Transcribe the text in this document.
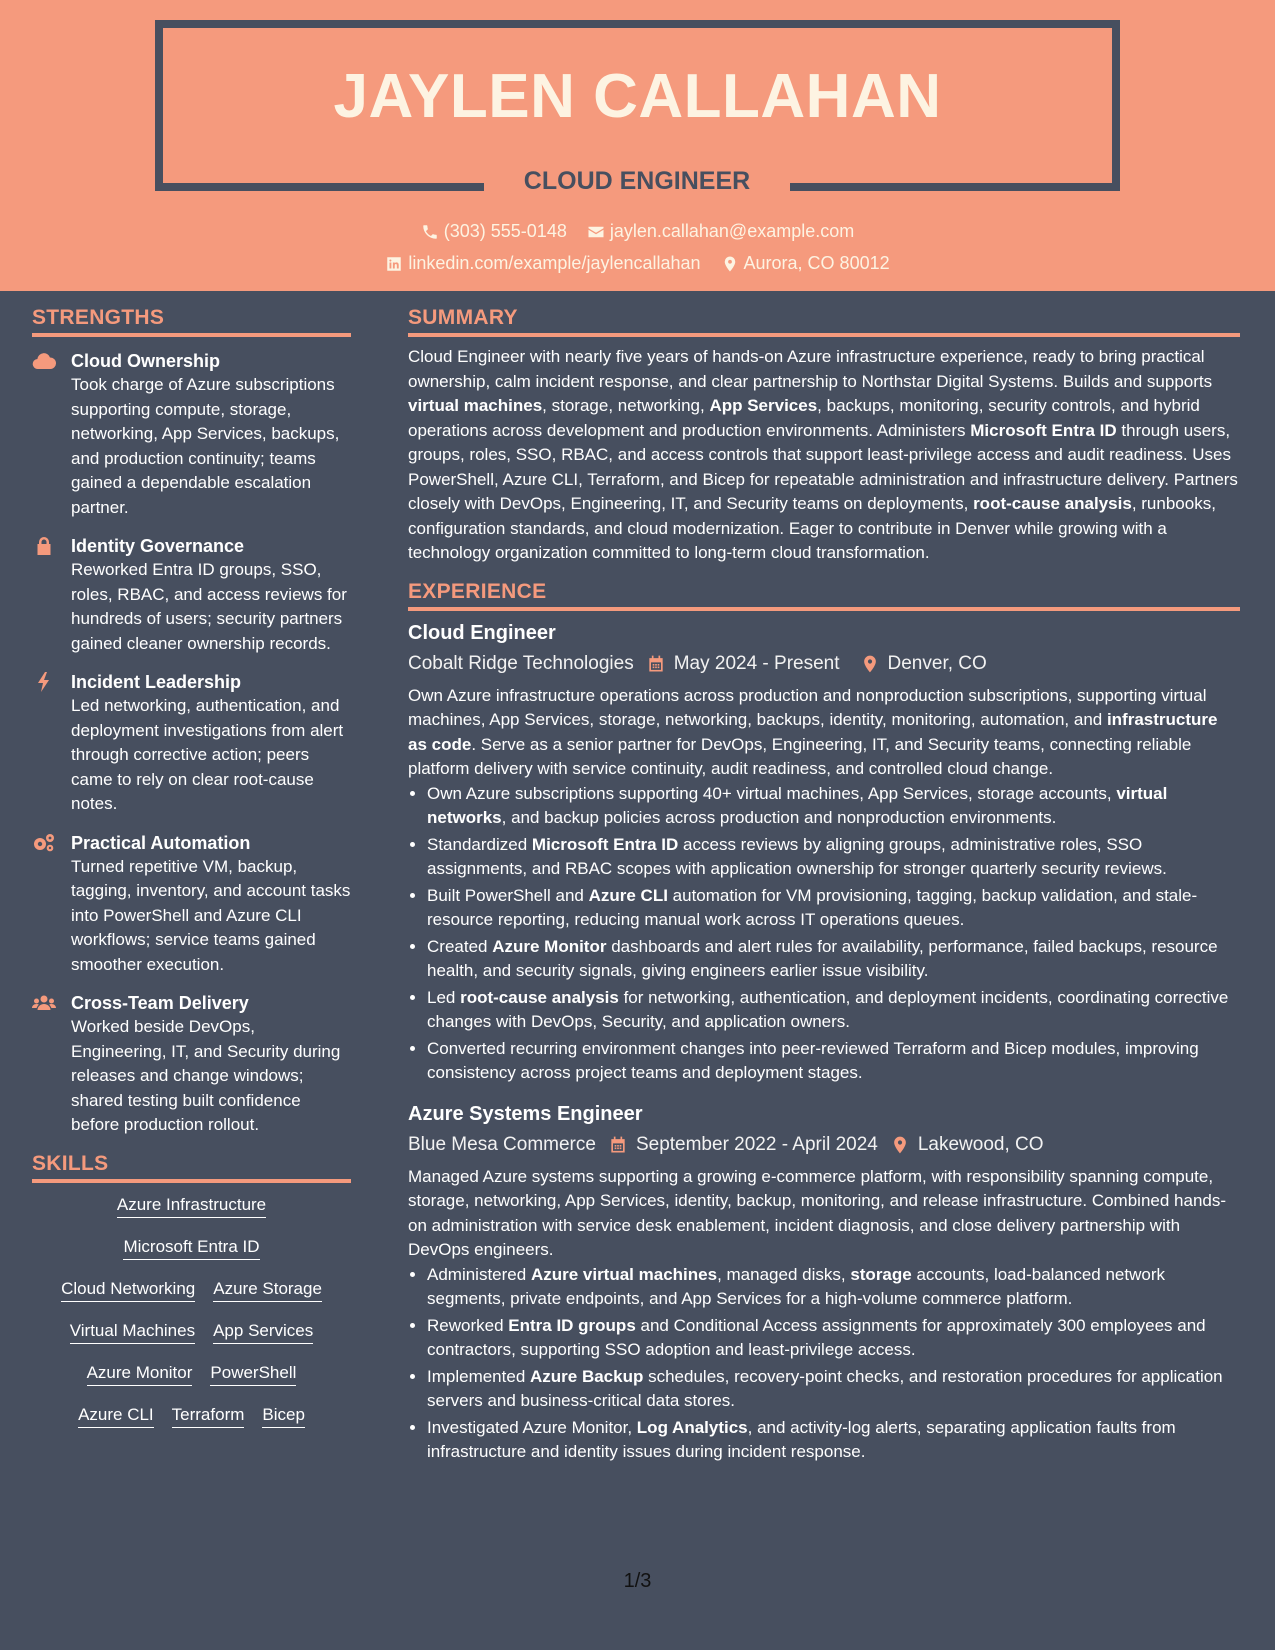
JAYLEN CALLAHAN
CLOUD ENGINEER
(303) 555-0148 jaylen.callahan@example.com
linkedin.com/example/jaylencallahan Aurora, CO 80012
STRENGTHS
Cloud Ownership
Took charge of Azure subscriptions supporting compute, storage, networking, App Services, backups, and production continuity; teams gained a dependable escalation partner.
Identity Governance
Reworked Entra ID groups, SSO, roles, RBAC, and access reviews for hundreds of users; security partners gained cleaner ownership records.
Incident Leadership
Led networking, authentication, and deployment investigations from alert through corrective action; peers came to rely on clear root-cause notes.
Practical Automation
Turned repetitive VM, backup, tagging, inventory, and account tasks into PowerShell and Azure CLI workflows; service teams gained smoother execution.
Cross-Team Delivery
Worked beside DevOps, Engineering, IT, and Security during releases and change windows; shared testing built confidence before production rollout.
SKILLS
Azure Infrastructure
Microsoft Entra ID
Cloud Networking Azure Storage
Virtual Machines App Services
Azure Monitor PowerShell
Azure CLI Terraform Bicep
SUMMARY
Cloud Engineer with nearly five years of hands-on Azure infrastructure experience, ready to bring practical ownership, calm incident response, and clear partnership to Northstar Digital Systems. Builds and supports virtual machines, storage, networking, App Services, backups, monitoring, security controls, and hybrid operations across development and production environments. Administers Microsoft Entra ID through users, groups, roles, SSO, RBAC, and access controls that support least-privilege access and audit readiness. Uses PowerShell, Azure CLI, Terraform, and Bicep for repeatable administration and infrastructure delivery. Partners closely with DevOps, Engineering, IT, and Security teams on deployments, root-cause analysis, runbooks, configuration standards, and cloud modernization. Eager to contribute in Denver while growing with a technology organization committed to long-term cloud transformation.
EXPERIENCE
Cloud Engineer
Cobalt Ridge Technologies May 2024 - Present	Denver, CO
Own Azure infrastructure operations across production and nonproduction subscriptions, supporting virtual machines, App Services, storage, networking, backups, identity, monitoring, automation, and infrastructure as code. Serve as a senior partner for DevOps, Engineering, IT, and Security teams, connecting reliable platform delivery with service continuity, audit readiness, and controlled cloud change.
• Own Azure subscriptions supporting 40+ virtual machines, App Services, storage accounts, virtual networks, and backup policies across production and nonproduction environments.
• Standardized Microsoft Entra ID access reviews by aligning groups, administrative roles, SSO assignments, and RBAC scopes with application ownership for stronger quarterly security reviews.
• Built PowerShell and Azure CLI automation for VM provisioning, tagging, backup validation, and stale-resource reporting, reducing manual work across IT operations queues.
• Created Azure Monitor dashboards and alert rules for availability, performance, failed backups, resource health, and security signals, giving engineers earlier issue visibility.
• Led root-cause analysis for networking, authentication, and deployment incidents, coordinating corrective changes with DevOps, Security, and application owners.
• Converted recurring environment changes into peer-reviewed Terraform and Bicep modules, improving consistency across project teams and deployment stages.
Azure Systems Engineer
Blue Mesa Commerce September 2022 - April 2024 Lakewood, CO
Managed Azure systems supporting a growing e-commerce platform, with responsibility spanning compute, storage, networking, App Services, identity, backup, monitoring, and release infrastructure. Combined hands-on administration with service desk enablement, incident diagnosis, and close delivery partnership with DevOps engineers.
• Administered Azure virtual machines, managed disks, storage accounts, load-balanced network segments, private endpoints, and App Services for a high-volume commerce platform.
• Reworked Entra ID groups and Conditional Access assignments for approximately 300 employees and contractors, supporting SSO adoption and least-privilege access.
• Implemented Azure Backup schedules, recovery-point checks, and restoration procedures for application servers and business-critical data stores.
• Investigated Azure Monitor, Log Analytics, and activity-log alerts, separating application faults from infrastructure and identity issues during incident response.
1/3
